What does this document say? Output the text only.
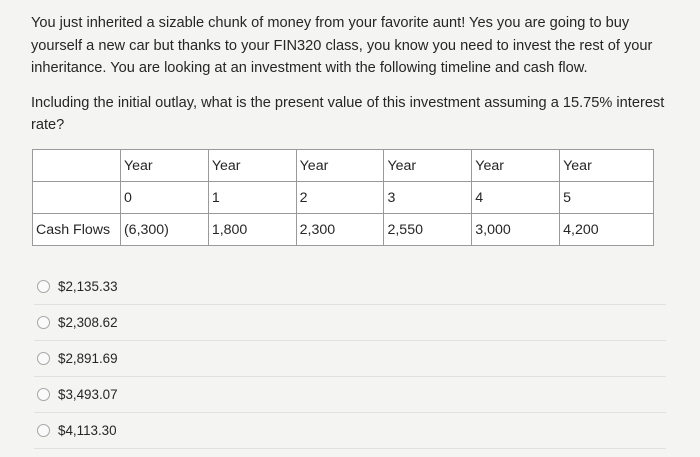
You just inherited a sizable chunk of money from your favorite aunt! Yes you are going to buy yourself a new car but thanks to your FIN320 class, you know you need to invest the rest of your inheritance. You are looking at an investment with the following timeline and cash flow.

Including the initial outlay, what is the present value of this investment assuming a 15.75% interest rate?

	Year	Year	Year	Year	Year	Year
	0	1	2	3	4	5
Cash Flows	(6,300)	1,800	2,300	2,550	3,000	4,200
$2,135.33
$2,308.62
$2,891.69
$3,493.07
$4,113.30
